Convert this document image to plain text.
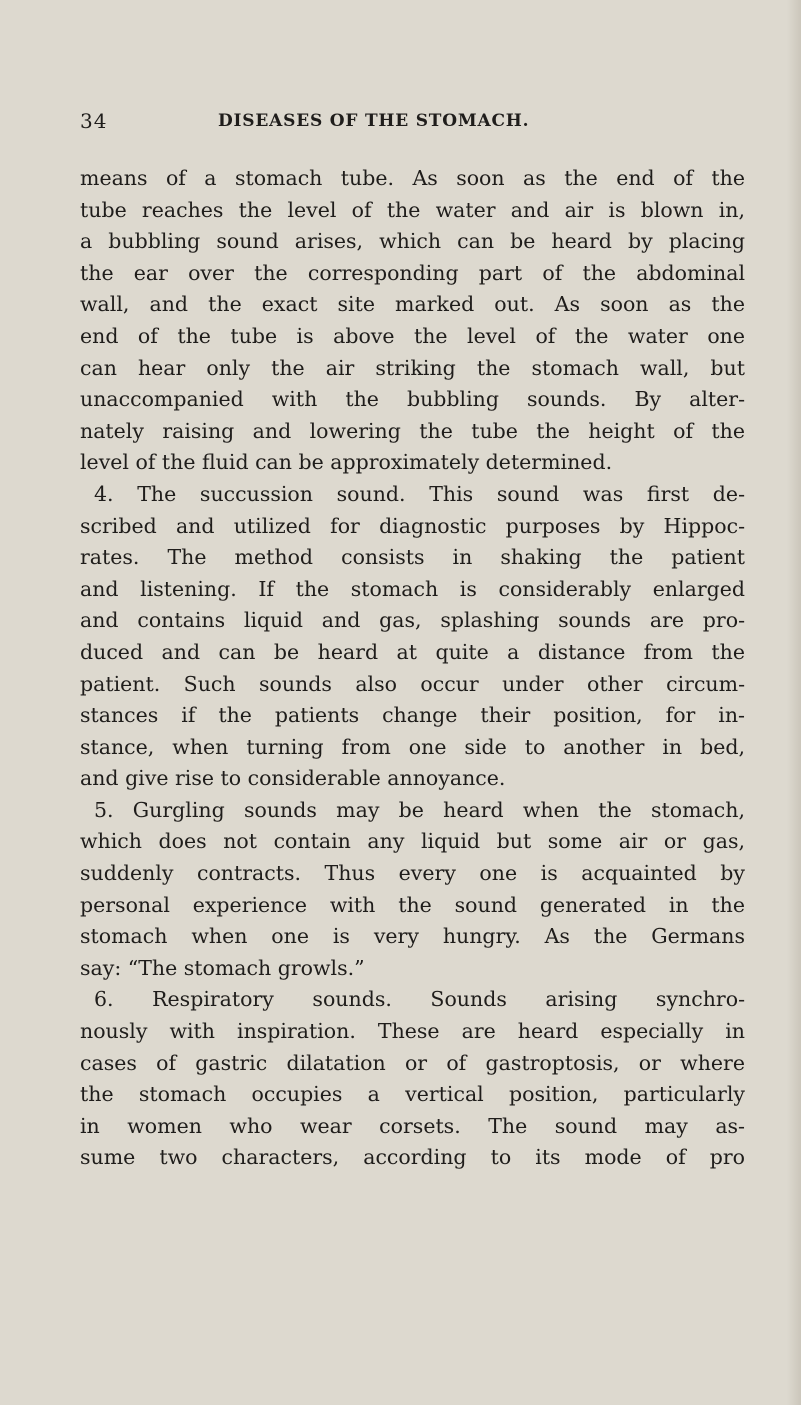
34	DISEASES OF THE STOMACH.
means of a stomach tube. As soon as the end of the
tube reaches the level of the water and air is blown in,
a bubbling sound arises, which can be heard by placing
the ear over the corresponding part of the abdominal
wall, and the exact site marked out. As soon as the
end of the tube is above the level of the water one
can hear only the air striking the stomach wall, but
unaccompanied with the bubbling sounds. By alter-
nately raising and lowering the tube the height of the
level of the fluid can be approximately determined.
4. The succussion sound. This sound was first de-
scribed and utilized for diagnostic purposes by Hippoc-
rates. The method consists in shaking the patient
and listening. If the stomach is considerably enlarged
and contains liquid and gas, splashing sounds are pro-
duced and can be heard at quite a distance from the
patient. Such sounds also occur under other circum-
stances if the patients change their position, for in-
stance, when turning from one side to another in bed,
and give rise to considerable annoyance.
5. Gurgling sounds may be heard when the stomach,
which does not contain any liquid but some air or gas,
suddenly contracts. Thus every one is acquainted by
personal experience with the sound generated in the
stomach when one is very hungry. As the Germans
say: “The stomach growls.”
6. Respiratory sounds. Sounds arising synchro-
nously with inspiration. These are heard especially in
cases of gastric dilatation or of gastroptosis, or where
the stomach occupies a vertical position, particularly
in women who wear corsets. The sound may as-
sume two characters, according to its mode of pro
